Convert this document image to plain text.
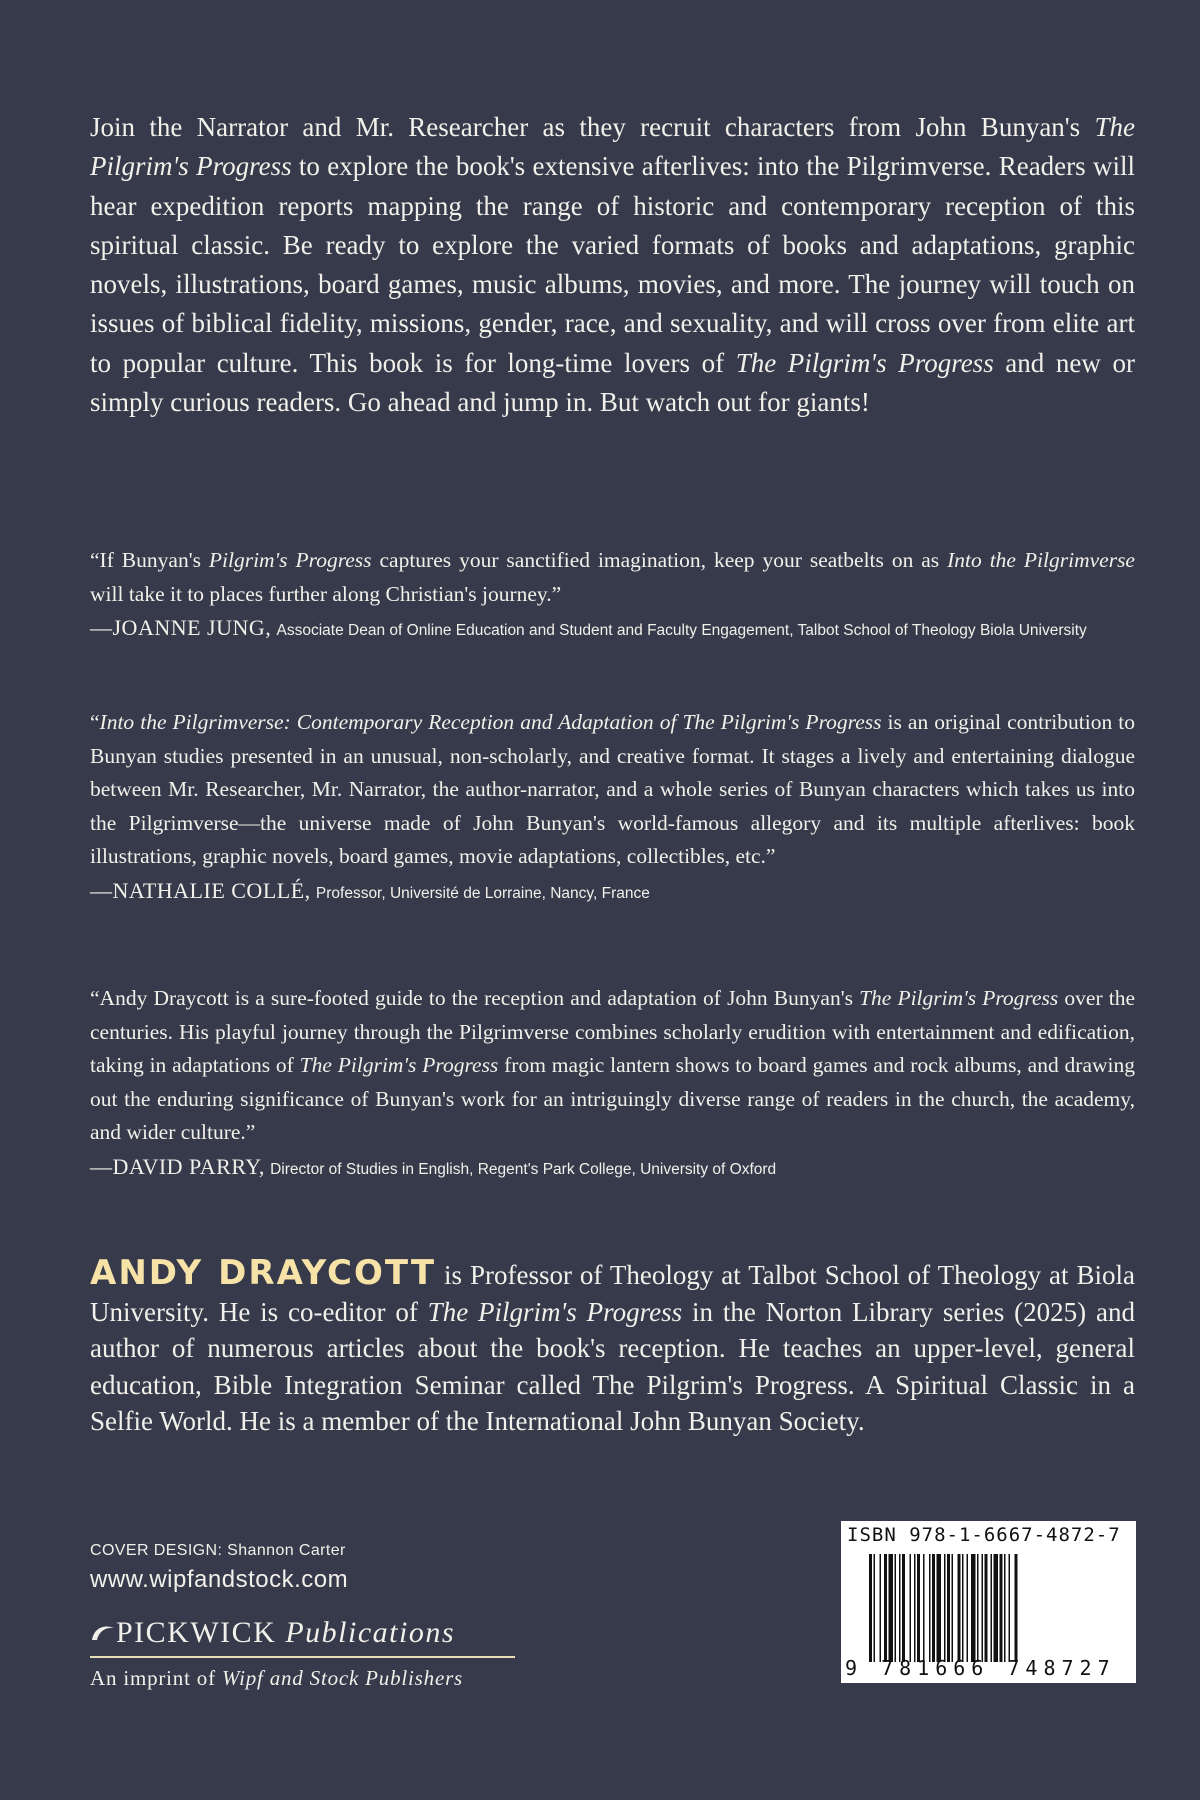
Join the Narrator and Mr. Researcher as they recruit characters from John Bunyan's The Pilgrim's Progress to explore the book's extensive afterlives: into the Pilgrimverse. Readers will hear expedition reports mapping the range of historic and contemporary reception of this spiritual classic. Be ready to explore the varied formats of books and adaptations, graphic novels, illustrations, board games, music albums, movies, and more. The journey will touch on issues of biblical fidelity, missions, gender, race, and sexuality, and will cross over from elite art to popular culture. This book is for long-time lovers of The Pilgrim's Progress and new or simply curious readers. Go ahead and jump in. But watch out for giants!

“If Bunyan's Pilgrim's Progress captures your sanctified imagination, keep your seatbelts on as Into the Pilgrimverse will take it to places further along Christian's journey.”
—JOANNE JUNG, Associate Dean of Online Education and Student and Faculty Engagement, Talbot School of Theology Biola University
“Into the Pilgrimverse: Contemporary Reception and Adaptation of The Pilgrim's Progress is an original contribution to Bunyan studies presented in an unusual, non-scholarly, and creative format. It stages a lively and entertaining dialogue between Mr. Researcher, Mr. Narrator, the author-narrator, and a whole series of Bunyan characters which takes us into the Pilgrimverse—the universe made of John Bunyan's world-famous allegory and its multiple afterlives: book illustrations, graphic novels, board games, movie adaptations, collectibles, etc.”
—NATHALIE COLLÉ, Professor, Université de Lorraine, Nancy, France
“Andy Draycott is a sure-footed guide to the reception and adaptation of John Bunyan's The Pilgrim's Progress over the centuries. His playful journey through the Pilgrimverse combines scholarly erudition with entertainment and edification, taking in adaptations of The Pilgrim's Progress from magic lantern shows to board games and rock albums, and drawing out the enduring significance of Bunyan's work for an intriguingly diverse range of readers in the church, the academy, and wider culture.”
—DAVID PARRY, Director of Studies in English, Regent's Park College, University of Oxford

ANDY DRAYCOTT is Professor of Theology at Talbot School of Theology at Biola University. He is co-editor of The Pilgrim's Progress in the Norton Library series (2025) and author of numerous articles about the book's reception. He teaches an upper-level, general education, Bible Integration Seminar called The Pilgrim's Progress. A Spiritual Classic in a Selfie World. He is a member of the International John Bunyan Society.

COVER DESIGN: Shannon Carter
www.wipfandstock.com
PICKWICK
Publications
An imprint of Wipf and Stock Publishers
ISBN 978-1-6667-4872-7
9 781666 748727
